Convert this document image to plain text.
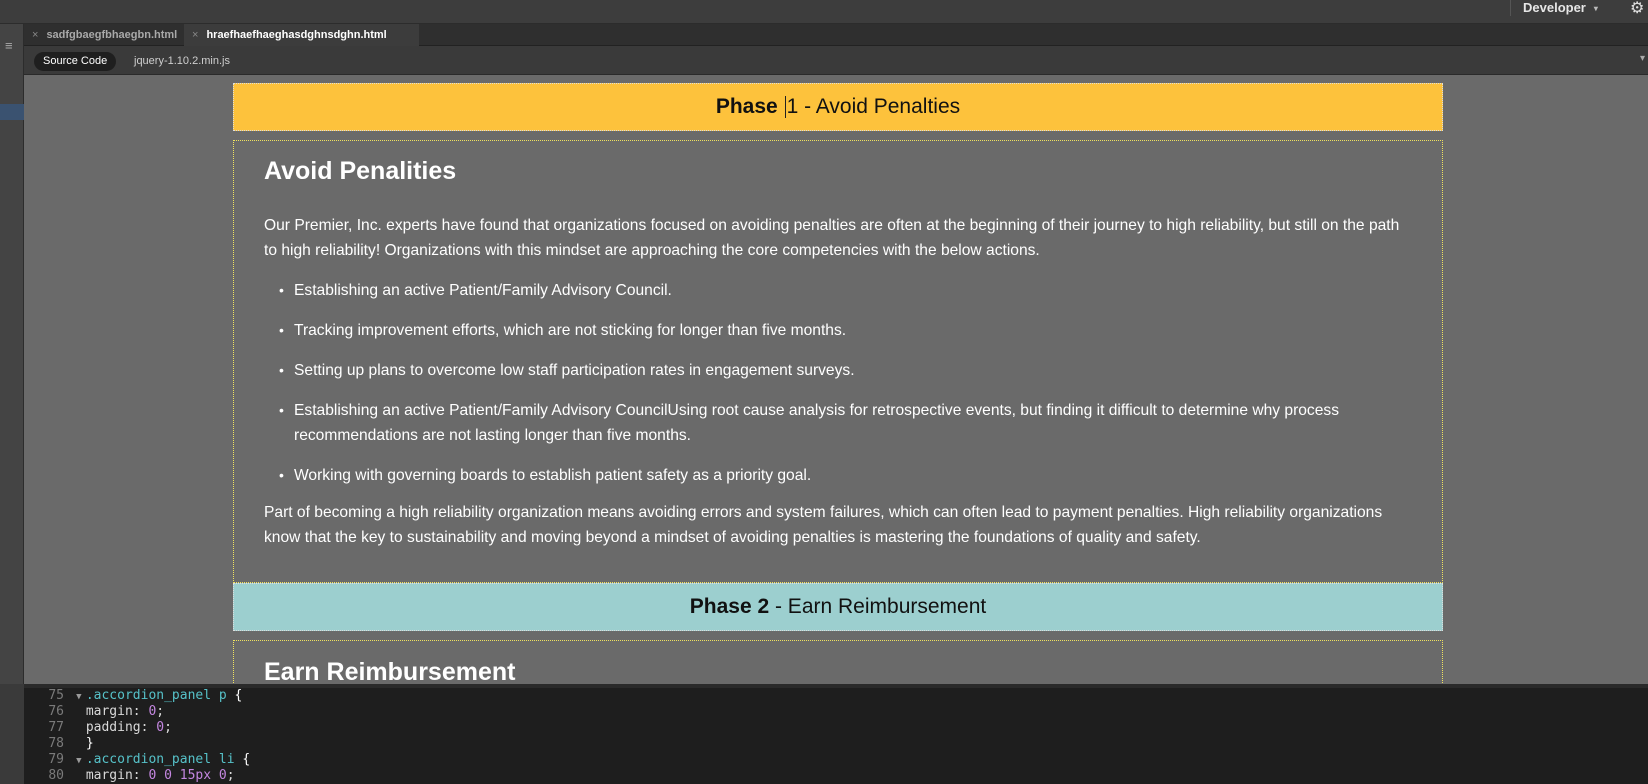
Developer ▾ ⚙
≡
× sadfgbaegfbhaegbn.html	× hraefhaefhaeghasdghnsdghn.html
Source Code	jquery-1.10.2.min.js	▾
Phase 1 - Avoid Penalties
Avoid Penalities

Our Premier, Inc. experts have found that organizations focused on avoiding penalties are often at the beginning of their journey to high reliability, but still on the path to high reliability! Organizations with this mindset are approaching the core competencies with the below actions.

• Establishing an active Patient/Family Advisory Council.
• Tracking improvement efforts, which are not sticking for longer than five months.
• Setting up plans to overcome low staff participation rates in engagement surveys.
• Establishing an active Patient/Family Advisory CouncilUsing root cause analysis for retrospective events, but finding it difficult to determine why process recommendations are not lasting longer than five months.
• Working with governing boards to establish patient safety as a priority goal.

Part of becoming a high reliability organization means avoiding errors and system failures, which can often lead to payment penalties. High reliability organizations know that the key to sustainability and moving beyond a mindset of avoiding penalties is mastering the foundations of quality and safety.

Phase 2 - Earn Reimbursement
Earn Reimbursement
75 ▼ .accordion_panel p {
76 margin: 0;
77 padding: 0;
78 }
79 ▼ .accordion_panel li {
80 margin: 0 0 15px 0;
